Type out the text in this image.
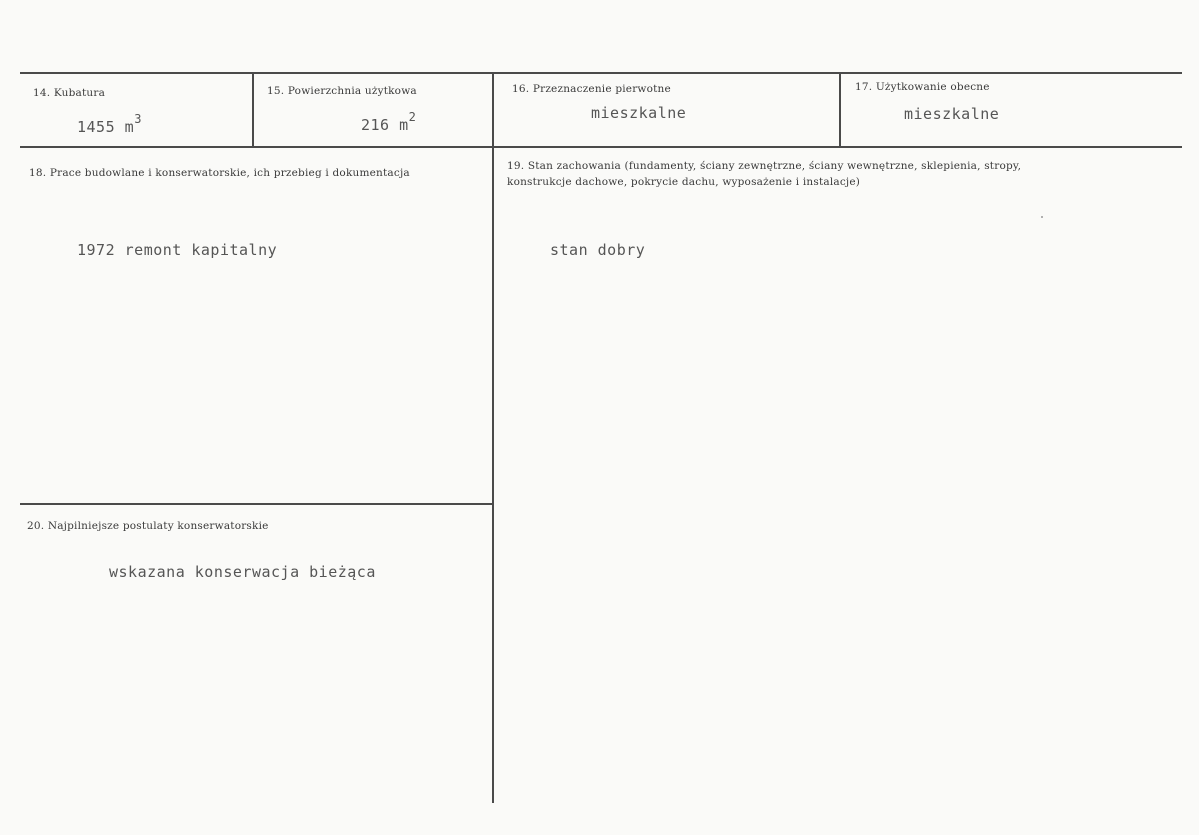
14. Kubatura
1455 $m^3$
15. Powierzchnia użytkowa
216 $m^2$
16. Przeznaczenie pierwotne
mieszkalne
17. Użytkowanie obecne
mieszkalne
18. Prace budowlane i konserwatorskie, ich przebieg i dokumentacja
1972 remont kapitalny
19. Stan zachowania (fundamenty, ściany zewnętrzne, ściany wewnętrzne, sklepienia, stropy, konstrukcje dachowe, pokrycie dachu, wyposażenie i instalacje)
stan dobry
20. Najpilniejsze postulaty konserwatorskie
wskazana konserwacja bieżąca
